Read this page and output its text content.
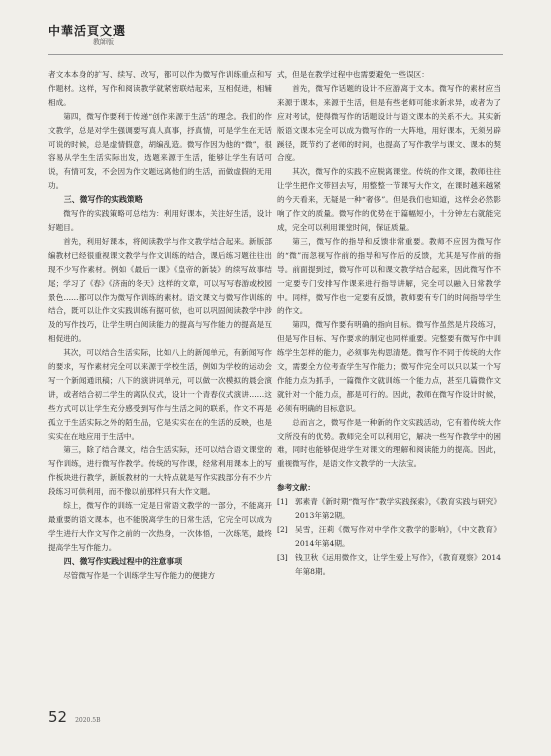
中華活頁文選
教師版

者文本本身的扩写、续写、改写，都可以作为微写作训练重点和写作题材。这样，写作和阅读教学就紧密联结起来，互相促进，相辅相成。

第四，微写作要利于传递“创作来源于生活”的理念。我们的作文教学，总是对学生强调要写真人真事，抒真情，可是学生在无话可说的时候，总是虚情假意，胡编乱造。微写作因为他的“微”，很容易从学生生活实际出发，选题来源于生活，能够让学生有话可说，有情可发，不会因为作文题远离他们的生活，而做虚假的无用功。

三、微写作的实践策略

微写作的实践策略可总结为：利用好课本，关注好生活，设计好题目。

首先，利用好课本，将阅读教学与作文教学结合起来。新版部编教材已经很重视课文教学与作文训练的结合，课后练习题往往出现不少写作素材。例如《最后一课》《皇帝的新装》的续写故事结尾；学习了《春》《济南的冬天》这样的文章，可以写写春游或校园景色……都可以作为微写作训练的素材。语文课文与微写作训练的结合，既可以让作文实践训练有据可依，也可以巩固阅读教学中涉及的写作技巧，让学生明白阅读能力的提高与写作能力的提高是互相促进的。

其次，可以结合生活实际，比如八上的新闻单元，有新闻写作的要求，写作素材完全可以来源于学校生活，例如为学校的运动会写一个新闻通讯稿；八下的演讲词单元，可以做一次模拟的晨会演讲，或者结合初二学生的离队仪式，设计一个青春仪式演讲……这些方式可以让学生充分感受到写作与生活之间的联系，作文不再是孤立于生活实际之外的陌生品，它是实实在在的生活的反映，也是实实在在地应用于生活中。

第三，除了结合课文，结合生活实际，还可以结合语文课堂的写作训练，进行微写作教学。传统的写作课，经常利用课本上的写作板块进行教学，新版教材的一大特点就是写作实践部分有不少片段练习可供利用，而不像以前那样只有大作文题。

综上，微写作的训练一定是日常语文教学的一部分，不能离开最重要的语文课本，也不能脱离学生的日常生活，它完全可以成为学生进行大作文写作之前的一次热身，一次体悟，一次练笔，最终提高学生写作能力。

四、微写作实践过程中的注意事项

尽管微写作是一个训练学生写作能力的便捷方

式，但是在教学过程中也需要避免一些误区：

首先，微写作话题的设计不应游离于文本。微写作的素材应当来源于课本，来源于生活，但是有些老师可能求新求异，或者为了应对考试，使得微写作的话题设计与语文课本的关系不大。其实新版语文课本完全可以成为微写作的一大阵地，用好课本，无须另辟蹊径，既节约了老师的时间，也提高了写作教学与课文、课本的契合度。

其次，微写作的实践不应脱离课堂。传统的作文课，教师往往让学生把作文带回去写，用整整一节课写大作文，在课时越来越紧的今天看来，无疑是一种“奢侈”。但是我们也知道，这样会必然影响了作文的质量。微写作的优势在于篇幅短小，十分钟左右就能完成，完全可以利用课堂时间，保证质量。

第三，微写作的指导和反馈非常重要。教师不应因为微写作的“微”而忽视写作前的指导和写作后的反馈，尤其是写作前的指导。前面提到过，微写作可以和课文教学结合起来，因此微写作不一定要专门安排写作课来进行指导讲解，完全可以融入日常教学中。同样，微写作也一定要有反馈，教师要有专门的时间指导学生的作文。

第四，微写作要有明确的指向目标。微写作虽然是片段练习，但是写作目标、写作要求的制定也同样重要。完整要有微写作中训练学生怎样的能力，必须事先构思清楚。微写作不同于传统的大作文，需要全方位考查学生写作能力；微写作完全可以只以某一个写作能力点为抓手，一篇微作文就训练一个能力点，甚至几篇微作文就针对一个能力点，都是可行的。因此，教师在微写作设计时候，必须有明确的目标意识。

总而言之，微写作是一种新的作文实践活动，它有着传统大作文所没有的优势。教师完全可以利用它，解决一些写作教学中的困难，同时也能够促进学生对课文的理解和阅读能力的提高。因此，重视微写作，是语文作文教学的一大法宝。

参考文献：
[1] 郭素青《新时期“微写作”教学实践探索》，《教育实践与研究》2013年第2期。
[2] 吴雪，汪莉《微写作对中学作文教学的影响》，《中文教育》2014年第4期。
[3] 钱卫秋《运用微作文，让学生爱上写作》，《教育观察》2014年第8期。
52 2020.5B
